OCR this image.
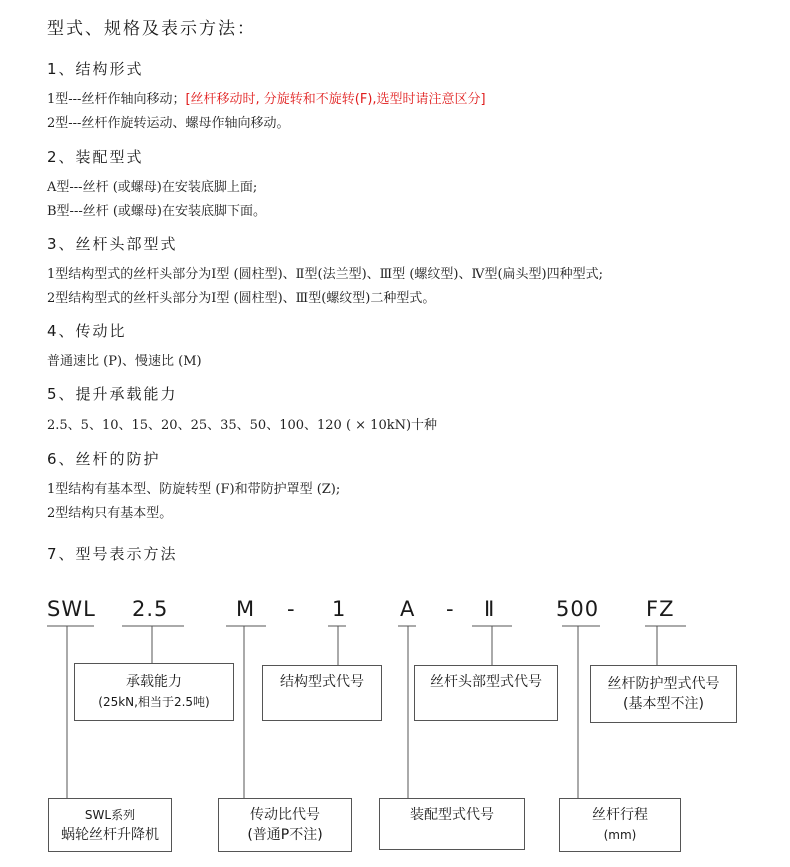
型式、规格及表示方法：
1、结构形式
1型---丝杆作轴向移动；[丝杆移动时, 分旋转和不旋转(F),选型时请注意区分]
2型---丝杆作旋转运动、螺母作轴向移动。
2、装配型式
A型---丝杆 (或螺母)在安装底脚上面;
B型---丝杆 (或螺母)在安装底脚下面。
3、丝杆头部型式
1型结构型式的丝杆头部分为Ⅰ型 (圆柱型)、Ⅱ型(法兰型)、Ⅲ型 (螺纹型)、Ⅳ型(扁头型)四种型式;
2型结构型式的丝杆头部分为Ⅰ型 (圆柱型)、Ⅲ型(螺纹型)二种型式。
4、传动比
普通速比 (P)、慢速比 (M)
5、提升承载能力
2.5、5、10、15、20、25、35、50、100、120 ( × 10kN)十种
6、丝杆的防护
1型结构有基本型、防旋转型 (F)和带防护罩型 (Z);
2型结构只有基本型。
7、型号表示方法
SWL 2.5	M - 1	A - Ⅱ	500 FZ
承载能力
(25kN,相当于2.5吨)
结构型式代号	丝杆头部型式代号	丝杆防护型式代号
(基本型不注)
SWL系列
蜗轮丝杆升降机
传动比代号
(普通P不注)
装配型式代号	丝杆行程
(mm)
